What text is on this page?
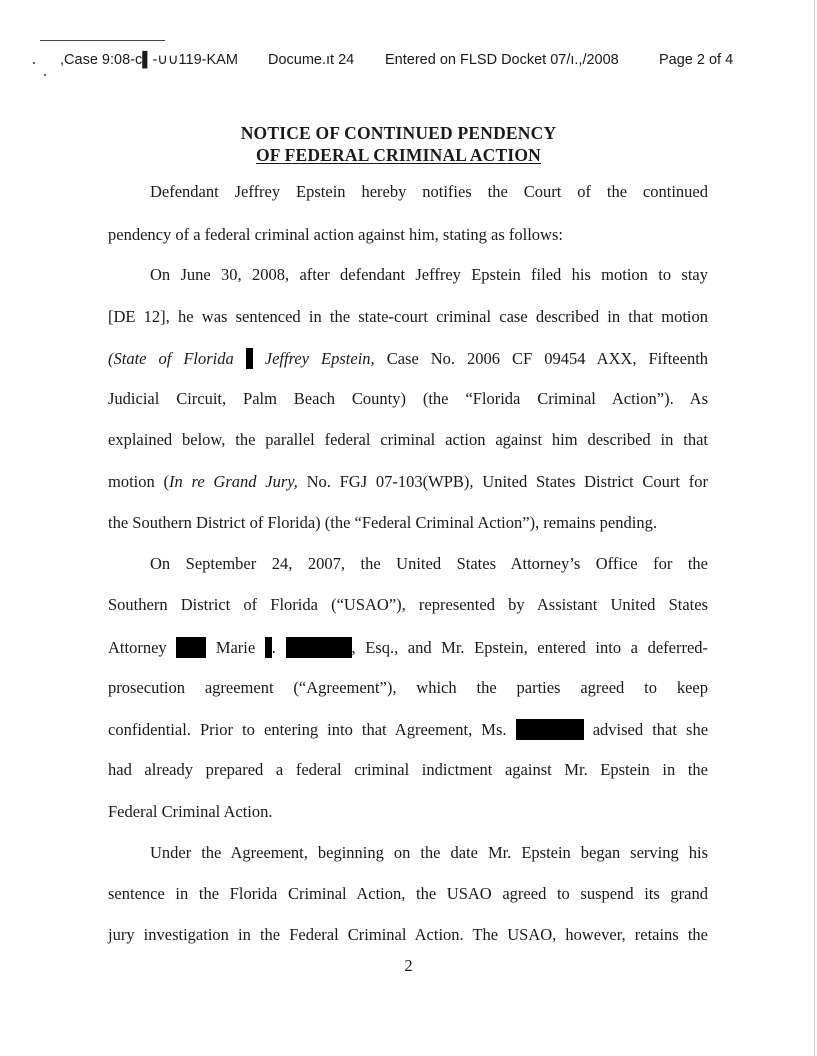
,Case 9:08-c▌-∪∪119-KAM Documе.ıt 24 Entered on FLSD Docket 07/ı.,/2008	Page 2 of 4
NOTICE OF CONTINUED PENDENCY
OF FEDERAL CRIMINAL ACTION
Defendant Jeffrey Epstein hereby notifies the Court of the continued
pendency of a federal criminal action against him, stating as follows:
On June 30, 2008, after defendant Jeffrey Epstein filed his motion to stay
[DE 12], he was sentenced in the state-court criminal case described in that motion
(State of Florida Jeffrey Epstein, Case No. 2006 CF 09454 AXX, Fifteenth
Judicial Circuit, Palm Beach County) (the “Florida Criminal Action”). As
explained below, the parallel federal criminal action against him described in that
motion (In re Grand Jury, No. FGJ 07-103(WPB), United States District Court for
the Southern District of Florida) (the “Federal Criminal Action”), remains pending.
On September 24, 2007, the United States Attorney’s Office for the
Southern District of Florida (“USAO”), represented by Assistant United States
Attorney	Marie .	, Esq., and Mr. Epstein, entered into a deferred-
prosecution agreement (“Agreement”), which the parties agreed to keep
confidential. Prior to entering into that Agreement, Ms.	advised that she
had already prepared a federal criminal indictment against Mr. Epstein in the
Federal Criminal Action.
Under the Agreement, beginning on the date Mr. Epstein began serving his
sentence in the Florida Criminal Action, the USAO agreed to suspend its grand
jury investigation in the Federal Criminal Action. The USAO, however, retains the
2
